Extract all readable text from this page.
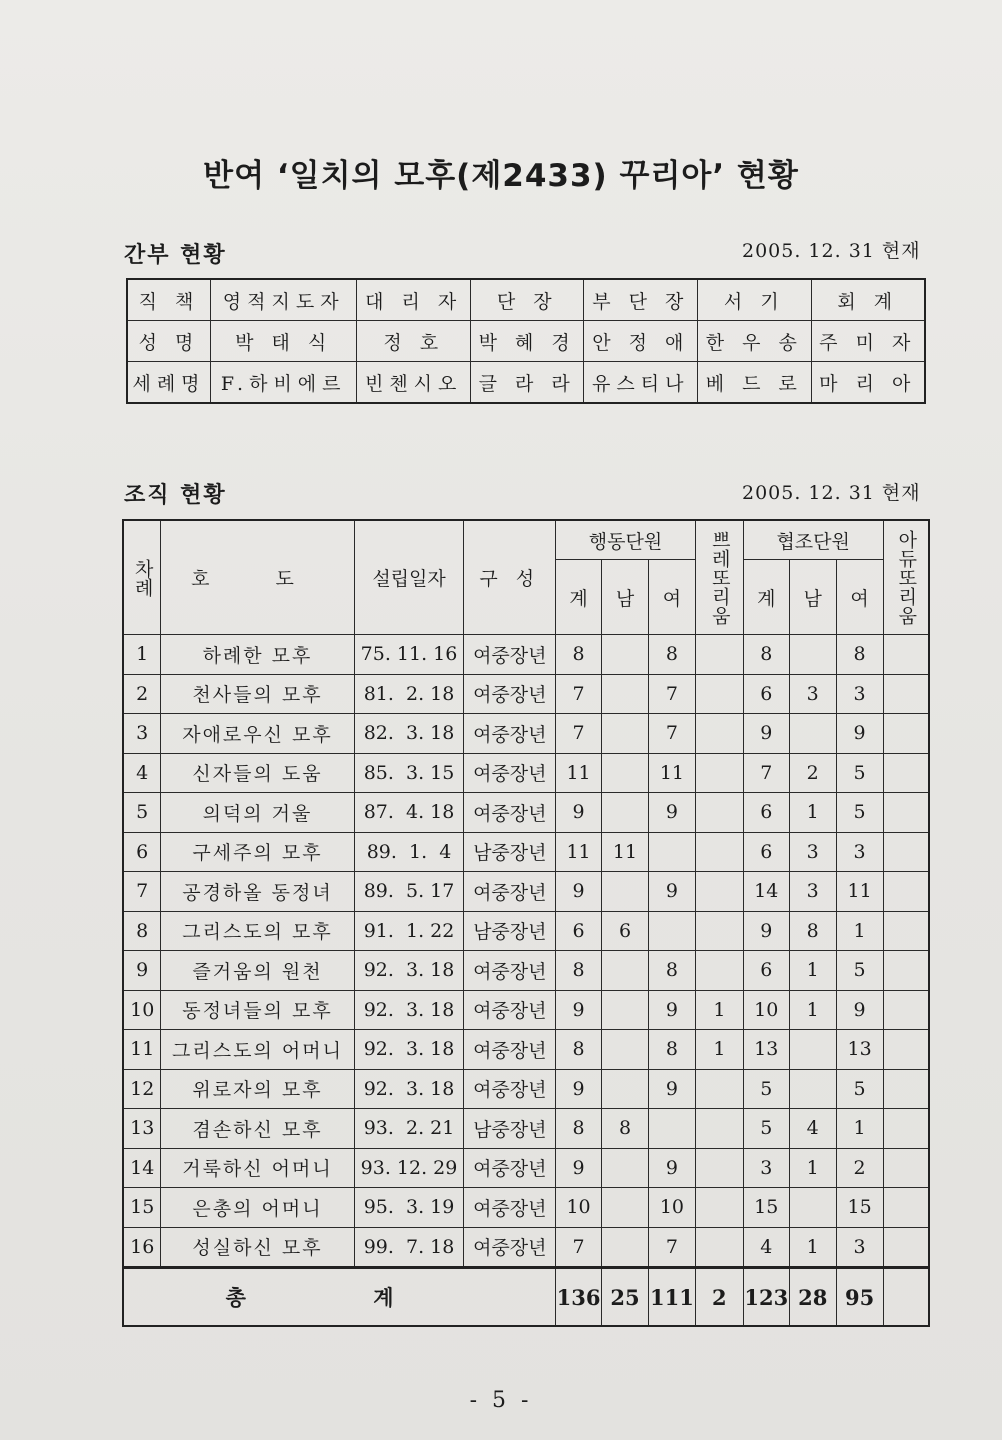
반여 ‘일치의 모후(제2433) 꾸리아’ 현황
간부 현황	2005. 12. 31 현재
직 책	영적지도자	대 리 자	단 장	부 단 장	서 기	회 계
성 명	박 태 식	정 호	박 혜 경	안 정 애	한 우 송	주 미 자
세례명	F.하비에르	빈첸시오	글 라 라	유스티나	베 드 로	마 리 아
조직 현황	2005. 12. 31 현재
차례	호 도	설립일자	구 성	행동단원			쁘레또리움	협조단원			아듀또리움
				계	남	여		계	남	여	
1	하례한 모후	75. 11. 16	여중장년	8		8		8		8	
2	천사들의 모후	81.  2. 18	여중장년	7		7		6	3	3	
3	자애로우신 모후	82.  3. 18	여중장년	7		7		9		9	
4	신자들의 도움	85.  3. 15	여중장년	11		11		7	2	5	
5	의덕의 거울	87.  4. 18	여중장년	9		9		6	1	5	
6	구세주의 모후	89.  1.  4	남중장년	11	11			6	3	3	
7	공경하올 동정녀	89.  5. 17	여중장년	9		9		14	3	11	
8	그리스도의 모후	91.  1. 22	남중장년	6	6			9	8	1	
9	즐거움의 원천	92.  3. 18	여중장년	8		8		6	1	5	
10	동정녀들의 모후	92.  3. 18	여중장년	9		9	1	10	1	9	
11	그리스도의 어머니	92.  3. 18	여중장년	8		8	1	13		13	
12	위로자의 모후	92.  3. 18	여중장년	9		9		5		5	
13	겸손하신 모후	93.  2. 21	남중장년	8	8			5	4	1	
14	거룩하신 어머니	93. 12. 29	여중장년	9		9		3	1	2	
15	은총의 어머니	95.  3. 19	여중장년	10		10		15		15	
16	성실하신 모후	99.  7. 18	여중장년	7		7		4	1	3	
총 계				136	25	111	2	123	28	95	
- 5 -
